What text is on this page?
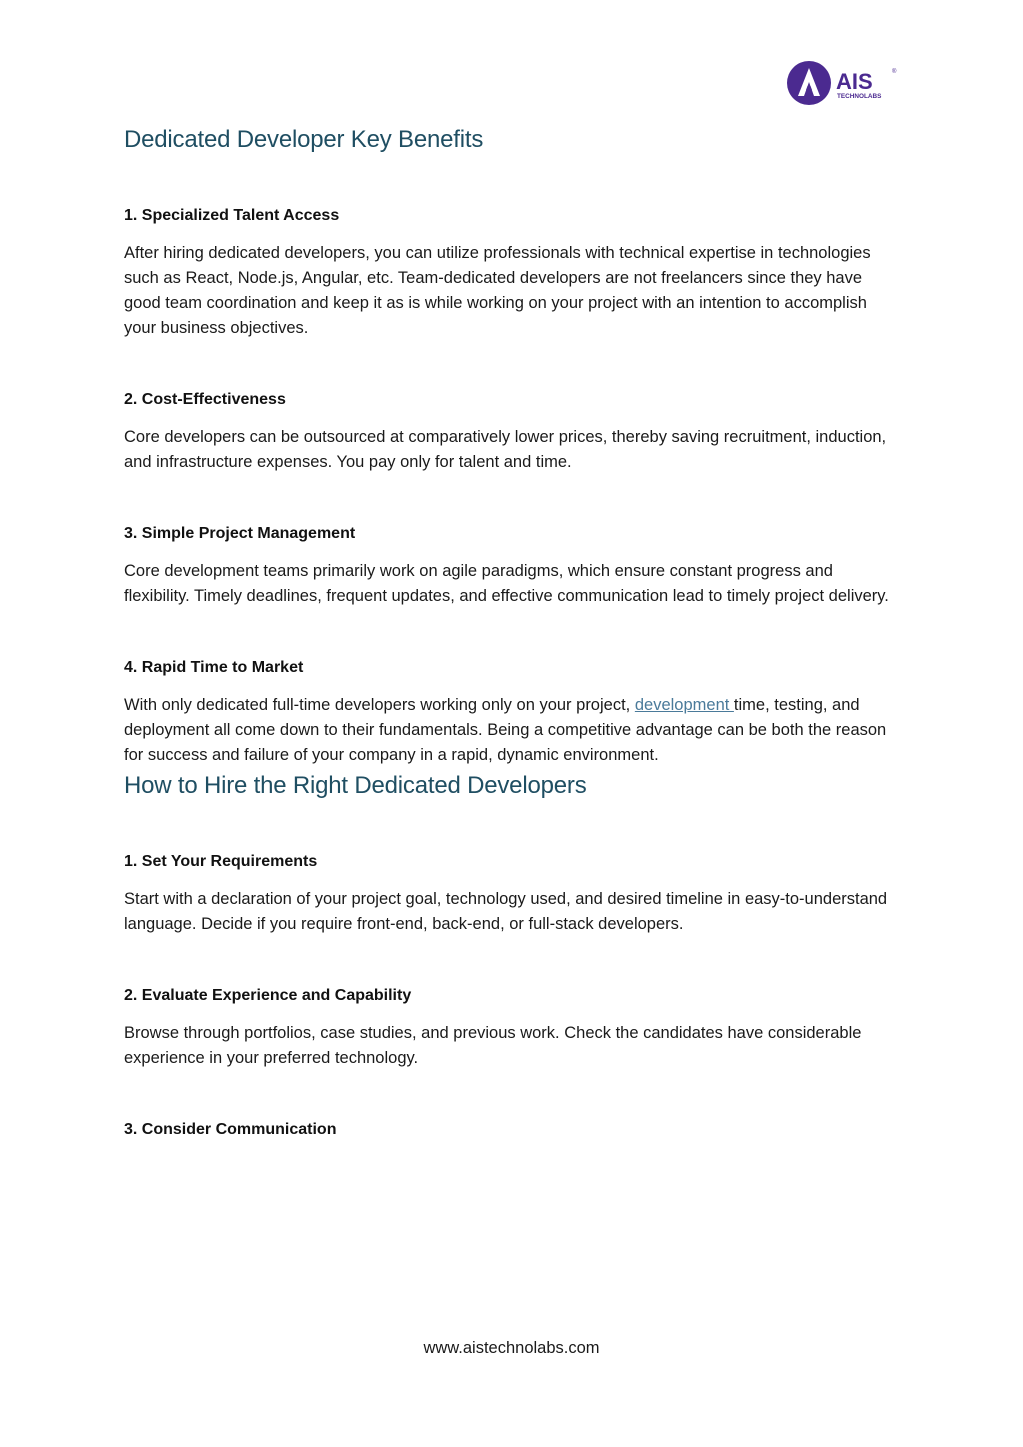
AIS	®
TECHNOLABS
Dedicated Developer Key Benefits
1. Specialized Talent Access

After hiring dedicated developers, you can utilize professionals with technical expertise in technologies such as React, Node.js, Angular, etc. Team-dedicated developers are not freelancers since they have good team coordination and keep it as is while working on your project with an intention to accomplish your business objectives.

2. Cost-Effectiveness

Core developers can be outsourced at comparatively lower prices, thereby saving recruitment, induction, and infrastructure expenses. You pay only for talent and time.

3. Simple Project Management

Core development teams primarily work on agile paradigms, which ensure constant progress and flexibility. Timely deadlines, frequent updates, and effective communication lead to timely project delivery.

4. Rapid Time to Market

With only dedicated full-time developers working only on your project, development time, testing, and deployment all come down to their fundamentals. Being a competitive advantage can be both the reason for success and failure of your company in a rapid, dynamic environment.

How to Hire the Right Dedicated Developers
1. Set Your Requirements

Start with a declaration of your project goal, technology used, and desired timeline in easy-to-understand language. Decide if you require front-end, back-end, or full-stack developers.

2. Evaluate Experience and Capability

Browse through portfolios, case studies, and previous work. Check the candidates have considerable experience in your preferred technology.

3. Consider Communication
www.aistechnolabs.com
